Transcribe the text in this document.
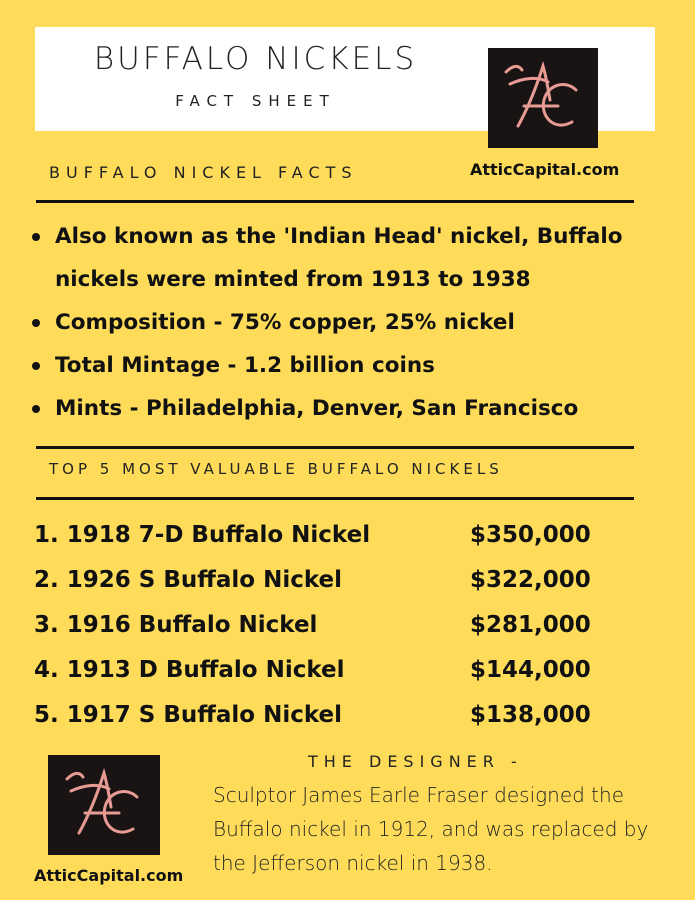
BUFFALO NICKELS
FACT SHEET
AtticCapital.com
BUFFALO NICKEL FACTS
Also known as the 'Indian Head' nickel, Buffalo nickels were minted from 1913 to 1938
Composition - 75% copper, 25% nickel
Total Mintage - 1.2 billion coins
Mints - Philadelphia, Denver, San Francisco
TOP 5 MOST VALUABLE BUFFALO NICKELS
1. 1918 7-D Buffalo Nickel	$350,000
2. 1926 S Buffalo Nickel	$322,000
3. 1916 Buffalo Nickel	$281,000
4. 1913 D Buffalo Nickel	$144,000
5. 1917 S Buffalo Nickel	$138,000
AtticCapital.com
THE DESIGNER -
Sculptor James Earle Fraser designed the Buffalo nickel in 1912, and was replaced by the Jefferson nickel in 1938.
